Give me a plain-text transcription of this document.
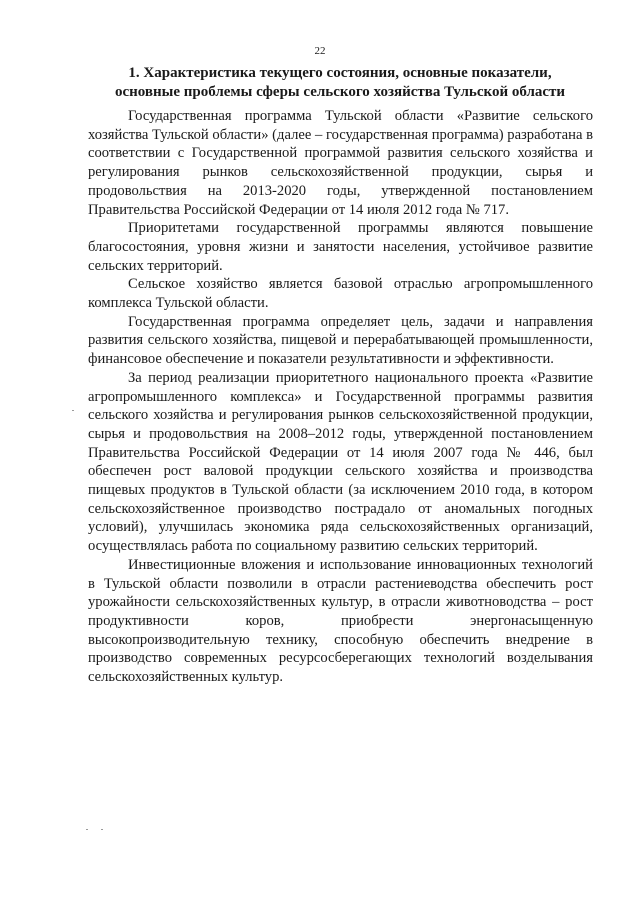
22
1. Характеристика текущего состояния, основные показатели,
основные проблемы сферы сельского хозяйства Тульской области

Государственная программа Тульской области «Развитие сельского хозяйства Тульской области» (далее – государственная программа) разработана в соответствии с Государственной программой развития сельского хозяйства и регулирования рынков сельскохозяйственной продукции, сырья и продовольствия на 2013-2020 годы, утвержденной постановлением Правительства Российской Федерации от 14 июля 2012 года № 717.

Приоритетами государственной программы являются повышение благосостояния, уровня жизни и занятости населения, устойчивое развитие сельских территорий.

Сельское хозяйство является базовой отраслью агропромышленного комплекса Тульской области.

Государственная программа определяет цель, задачи и направления развития сельского хозяйства, пищевой и перерабатывающей промышленности, финансовое обеспечение и показатели результативности и эффективности.

За период реализации приоритетного национального проекта «Развитие агропромышленного комплекса» и Государственной программы развития сельского хозяйства и регулирования рынков сельскохозяйственной продукции, сырья и продовольствия на 2008–2012 годы, утвержденной постановлением Правительства Российской Федерации от 14 июля 2007 года № 446, был обеспечен рост валовой продукции сельского хозяйства и производства пищевых продуктов в Тульской области (за исключением 2010 года, в котором сельскохозяйственное производство пострадало от аномальных погодных условий), улучшилась экономика ряда сельскохозяйственных организаций, осуществлялась работа по социальному развитию сельских территорий.

Инвестиционные вложения и использование инновационных технологий в Тульской области позволили в отрасли растениеводства обеспечить рост урожайности сельскохозяйственных культур, в отрасли животноводства – рост продуктивности коров, приобрести энергонасыщенную высокопроизводительную технику, способную обеспечить внедрение в производство современных ресурсосберегающих технологий возделывания сельскохозяйственных культур.
